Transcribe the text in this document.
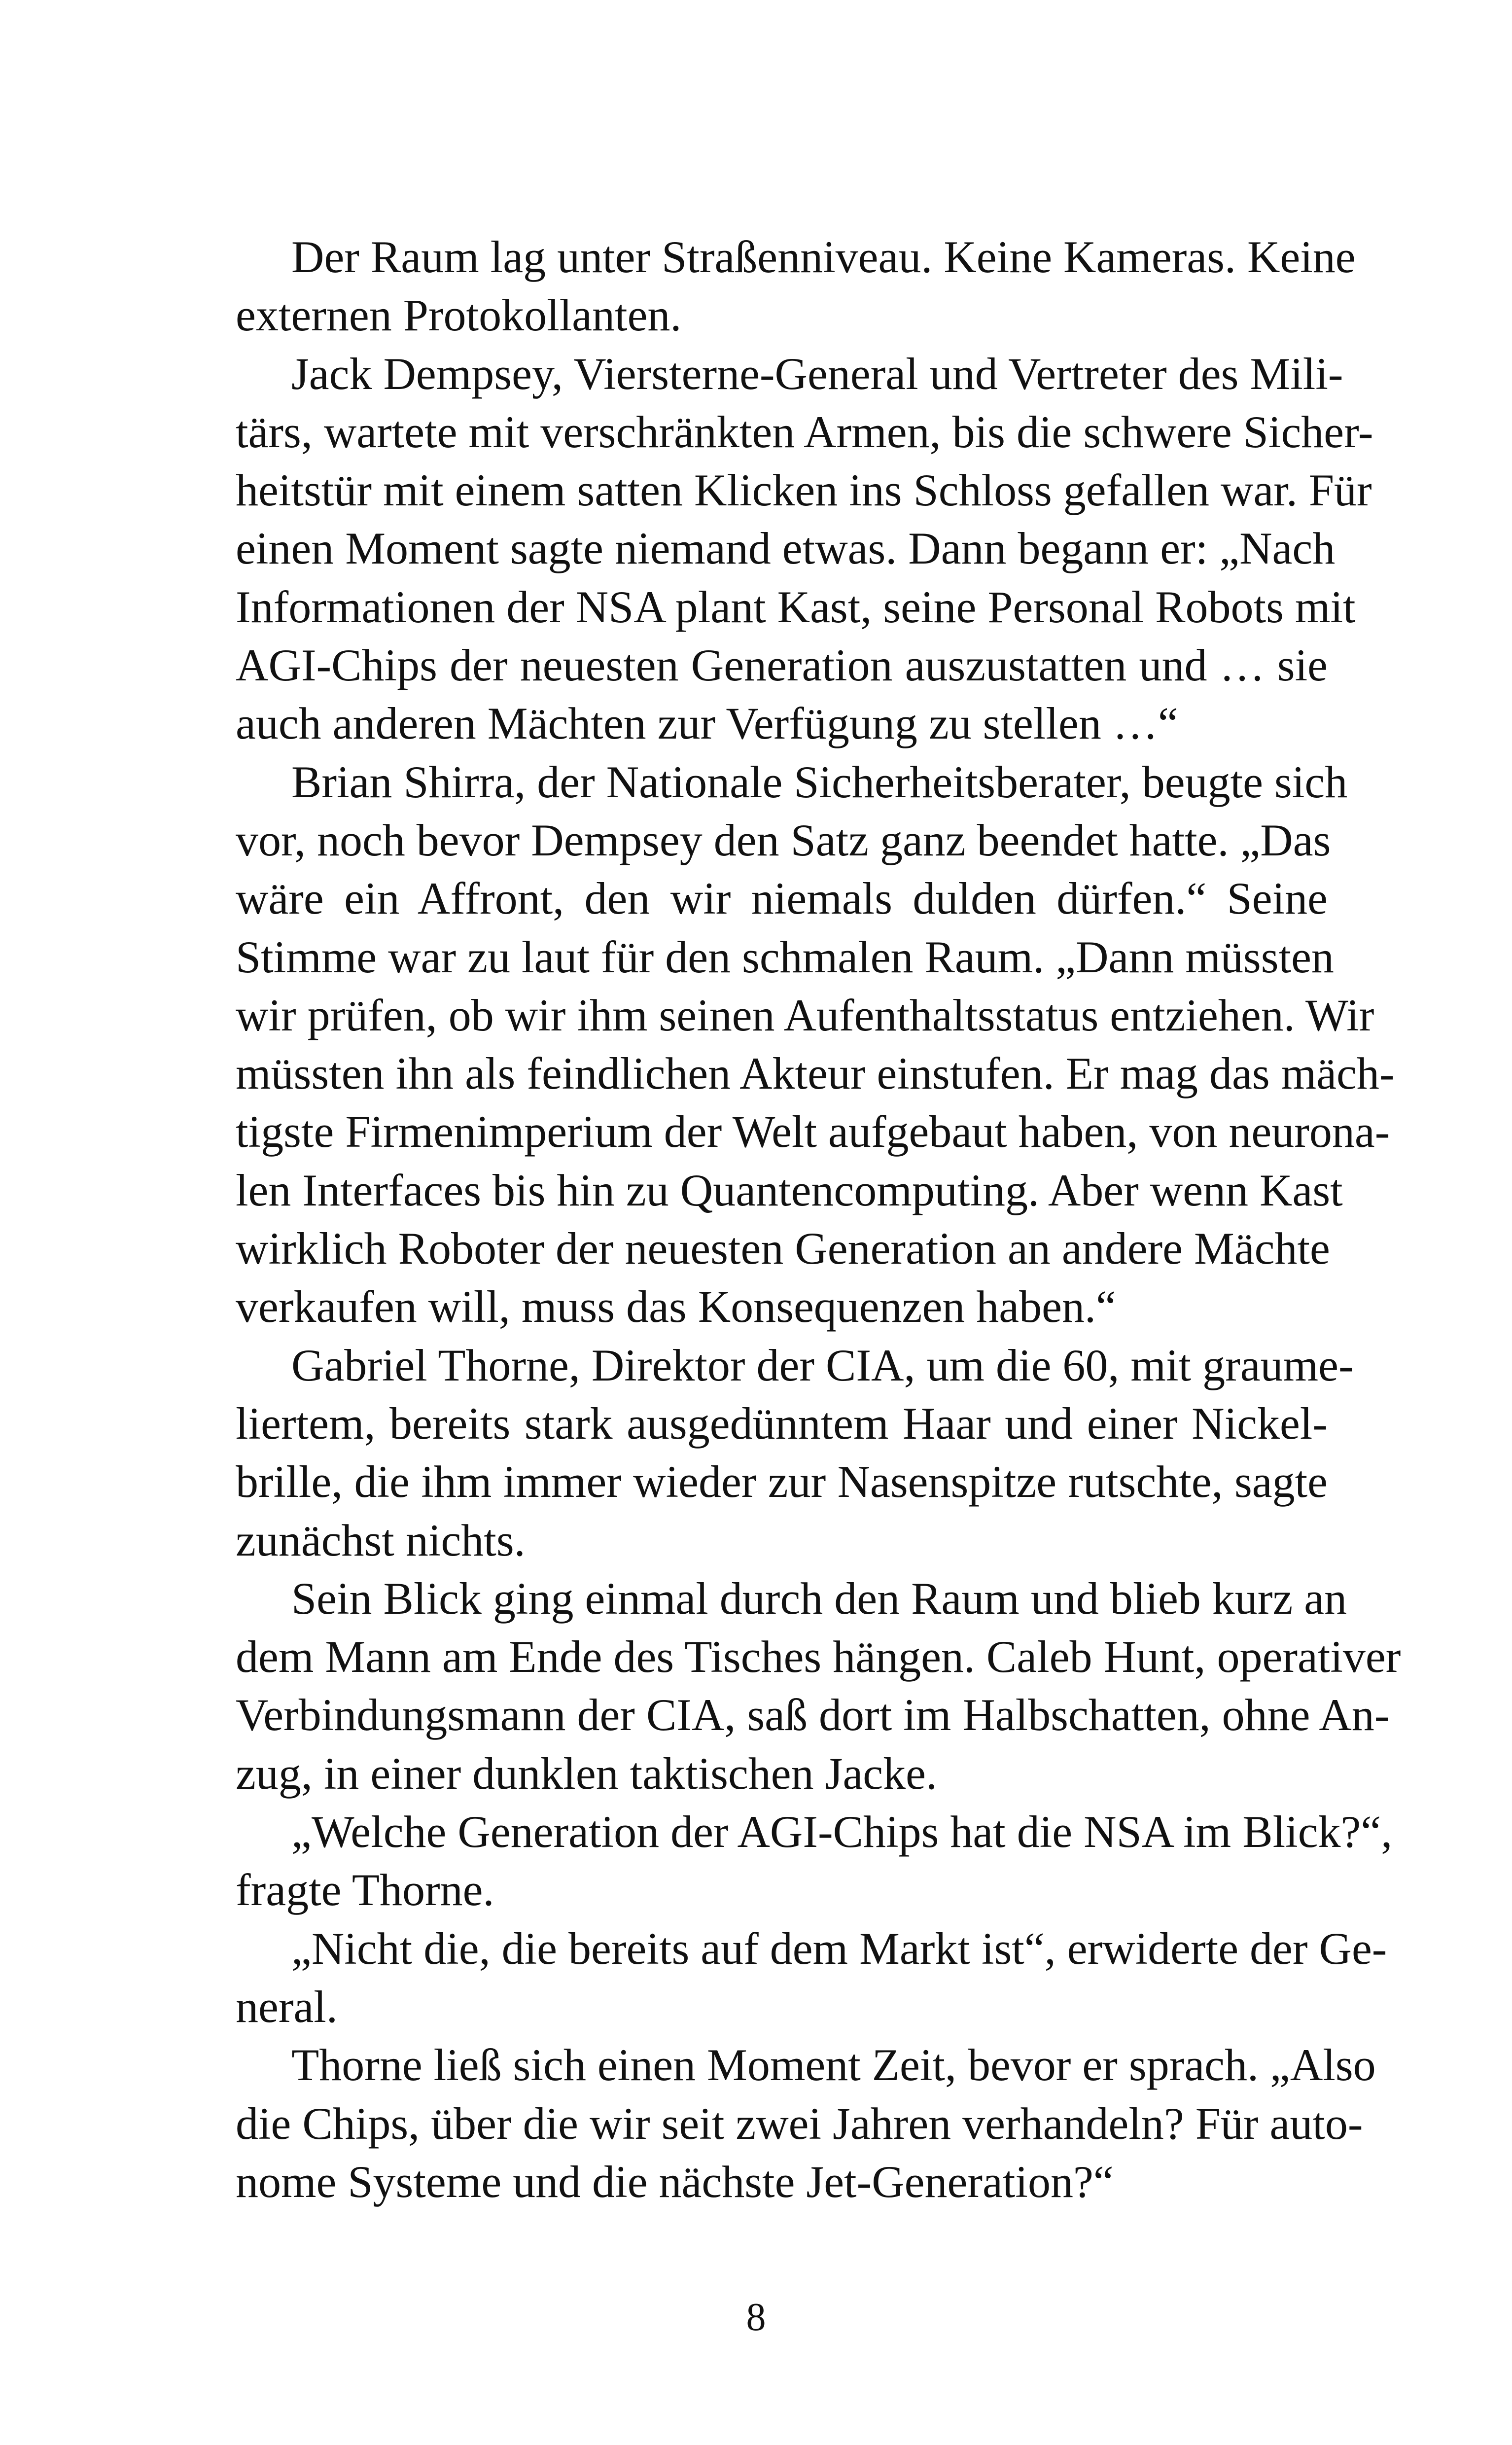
Der Raum lag unter Straßenniveau. Keine Kameras. Keine
externen Protokollanten.

Jack Dempsey, Viersterne-General und Vertreter des Mili-
tärs, wartete mit verschränkten Armen, bis die schwere Sicher-
heitstür mit einem satten Klicken ins Schloss gefallen war. Für
einen Moment sagte niemand etwas. Dann begann er: „Nach
Informationen der NSA plant Kast, seine Personal Robots mit
AGI-Chips der neuesten Generation auszustatten und … sie
auch anderen Mächten zur Verfügung zu stellen …“

Brian Shirra, der Nationale Sicherheitsberater, beugte sich
vor, noch bevor Dempsey den Satz ganz beendet hatte. „Das
wäre ein Affront, den wir niemals dulden dürfen.“ Seine
Stimme war zu laut für den schmalen Raum. „Dann müssten
wir prüfen, ob wir ihm seinen Aufenthaltsstatus entziehen. Wir
müssten ihn als feindlichen Akteur einstufen. Er mag das mäch-
tigste Firmenimperium der Welt aufgebaut haben, von neurona-
len Interfaces bis hin zu Quantencomputing. Aber wenn Kast
wirklich Roboter der neuesten Generation an andere Mächte
verkaufen will, muss das Konsequenzen haben.“

Gabriel Thorne, Direktor der CIA, um die 60, mit graume-
liertem, bereits stark ausgedünntem Haar und einer Nickel-
brille, die ihm immer wieder zur Nasenspitze rutschte, sagte
zunächst nichts.

Sein Blick ging einmal durch den Raum und blieb kurz an
dem Mann am Ende des Tisches hängen. Caleb Hunt, operativer
Verbindungsmann der CIA, saß dort im Halbschatten, ohne An-
zug, in einer dunklen taktischen Jacke.

„Welche Generation der AGI-Chips hat die NSA im Blick?“,
fragte Thorne.

„Nicht die, die bereits auf dem Markt ist“, erwiderte der Ge-
neral.

Thorne ließ sich einen Moment Zeit, bevor er sprach. „Also
die Chips, über die wir seit zwei Jahren verhandeln? Für auto-
nome Systeme und die nächste Jet-Generation?“

8
